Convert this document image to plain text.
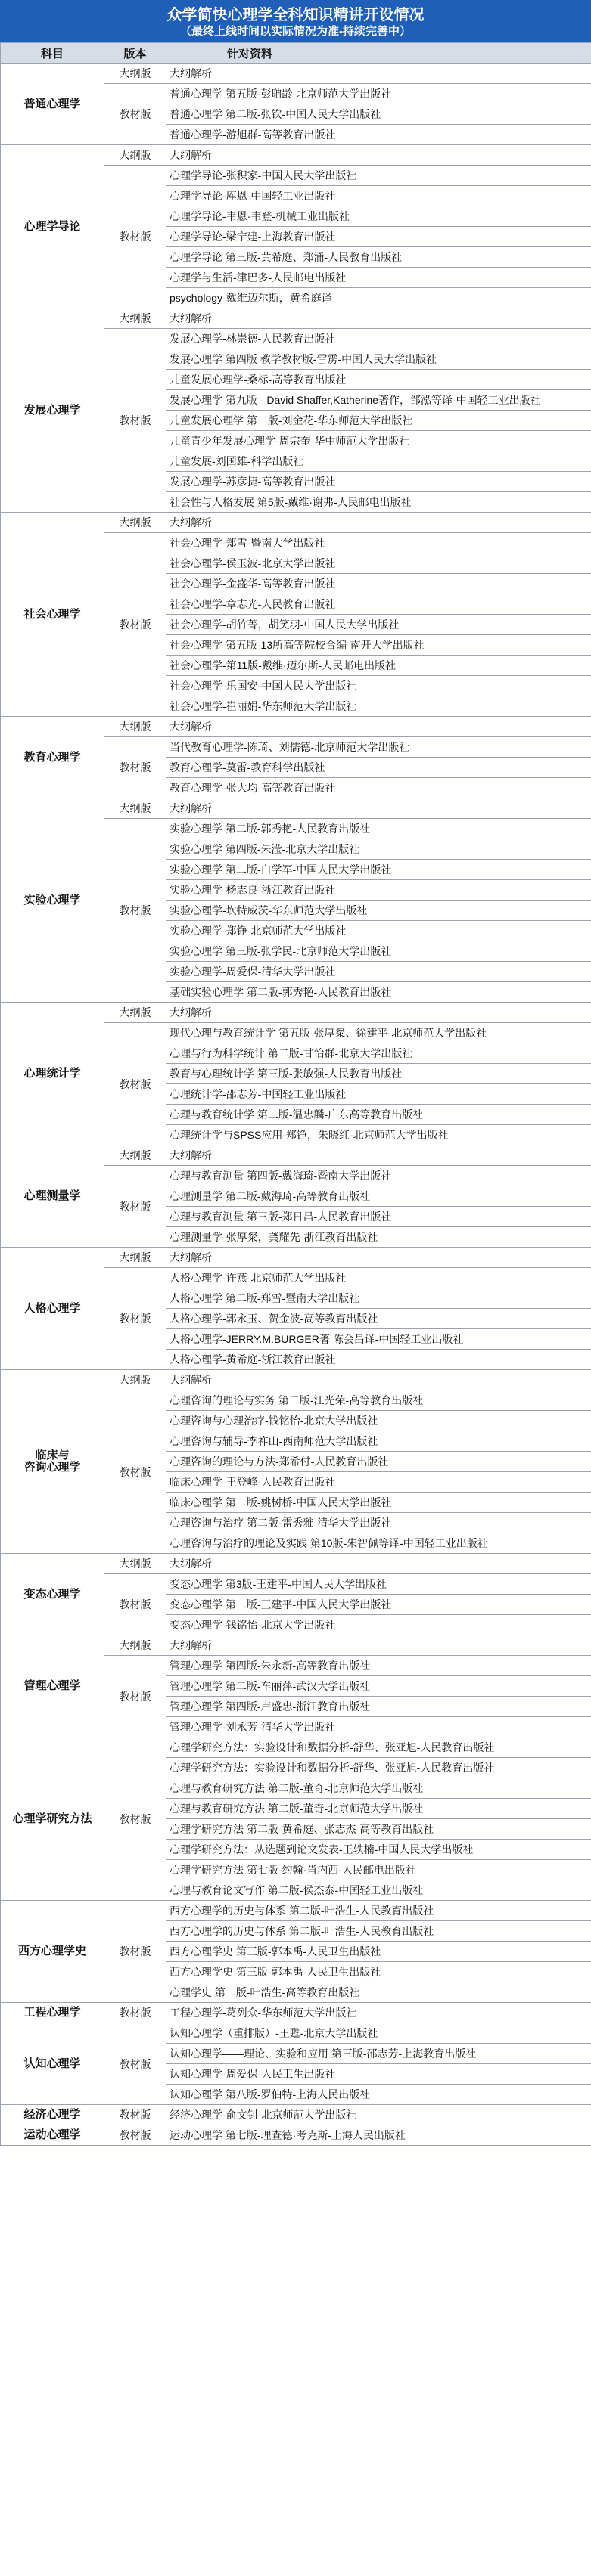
众学简快心理学全科知识精讲开设情况
（最终上线时间以实际情况为准-持续完善中）
科目	版本	针对资料
普通心理学	大纲版	大纲解析
	教材版	普通心理学 第五版-彭聃龄-北京师范大学出版社
		普通心理学 第二版-张钦-中国人民大学出版社
		普通心理学-游旭群-高等教育出版社
心理学导论	大纲版	大纲解析
	教材版	心理学导论-张积家-中国人民大学出版社
		心理学导论-库恩-中国轻工业出版社
		心理学导论-韦恩·韦登-机械工业出版社
		心理学导论-梁宁建-上海教育出版社
		心理学导论 第三版-黄希庭、郑涌-人民教育出版社
		心理学与生活-津巴多-人民邮电出版社
		psychology-戴维迈尔斯，黄希庭译
发展心理学	大纲版	大纲解析
	教材版	发展心理学-林崇德-人民教育出版社
		发展心理学 第四版 教学教材版-雷雳-中国人民大学出版社
		儿童发展心理学-桑标-高等教育出版社
		发展心理学 第九版 - David Shaffer,Katherine著作，邹泓等译-中国轻工业出版社
		儿童发展心理学 第二版-刘金花-华东师范大学出版社
		儿童青少年发展心理学-周宗奎-华中师范大学出版社
		儿童发展-刘国雄-科学出版社
		发展心理学-苏彦捷-高等教育出版社
		社会性与人格发展 第5版-戴维·谢弗-人民邮电出版社
社会心理学	大纲版	大纲解析
	教材版	社会心理学-郑雪-暨南大学出版社
		社会心理学-侯玉波-北京大学出版社
		社会心理学-金盛华-高等教育出版社
		社会心理学-章志光-人民教育出版社
		社会心理学-胡竹菁，胡笑羽-中国人民大学出版社
		社会心理学 第五版-13所高等院校合编-南开大学出版社
		社会心理学-第11版-戴维·迈尔斯-人民邮电出版社
		社会心理学-乐国安-中国人民大学出版社
		社会心理学-崔丽娟-华东师范大学出版社
教育心理学	大纲版	大纲解析
	教材版	当代教育心理学-陈琦、刘儒德-北京师范大学出版社
		教育心理学-莫雷-教育科学出版社
		教育心理学-张大均-高等教育出版社
实验心理学	大纲版	大纲解析
	教材版	实验心理学 第二版-郭秀艳-人民教育出版社
		实验心理学 第四版-朱滢-北京大学出版社
		实验心理学 第二版-白学军-中国人民大学出版社
		实验心理学-杨志良-浙江教育出版社
		实验心理学-坎特威茨-华东师范大学出版社
		实验心理学-郑铮-北京师范大学出版社
		实验心理学 第三版-张学民-北京师范大学出版社
		实验心理学-周爱保-清华大学出版社
		基础实验心理学 第二版-郭秀艳-人民教育出版社
心理统计学	大纲版	大纲解析
	教材版	现代心理与教育统计学 第五版-张厚粲、徐建平-北京师范大学出版社
		心理与行为科学统计 第二版-甘怡群-北京大学出版社
		教育与心理统计学 第三版-张敏强-人民教育出版社
		心理统计学-邵志芳-中国轻工业出版社
		心理与教育统计学 第二版-温忠麟-广东高等教育出版社
		心理统计学与SPSS应用-郑铮，朱晓红-北京师范大学出版社
心理测量学	大纲版	大纲解析
	教材版	心理与教育测量 第四版-戴海琦-暨南大学出版社
		心理测量学 第二版-戴海琦-高等教育出版社
		心理与教育测量 第三版-郑日昌-人民教育出版社
		心理测量学-张厚粲，龚耀先-浙江教育出版社
人格心理学	大纲版	大纲解析
	教材版	人格心理学-许燕-北京师范大学出版社
		人格心理学 第二版-郑雪-暨南大学出版社
		人格心理学-郭永玉、贺金波-高等教育出版社
		人格心理学-JERRY.M.BURGER著 陈会昌译-中国轻工业出版社
		人格心理学-黄希庭-浙江教育出版社
临床与
咨询心理学	大纲版	大纲解析
	教材版	心理咨询的理论与实务 第二版-江光荣-高等教育出版社
		心理咨询与心理治疗-钱铭怡-北京大学出版社
		心理咨询与辅导-李祚山-西南师范大学出版社
		心理咨询的理论与方法-郑希付-人民教育出版社
		临床心理学-王登峰-人民教育出版社
		临床心理学 第二版-姚树桥-中国人民大学出版社
		心理咨询与治疗 第二版-雷秀雅-清华大学出版社
		心理咨询与治疗的理论及实践 第10版-朱智佩等译-中国轻工业出版社
变态心理学	大纲版	大纲解析
	教材版	变态心理学 第3版-王建平-中国人民大学出版社
		变态心理学 第二版-王建平-中国人民大学出版社
		变态心理学-钱铭怡-北京大学出版社
管理心理学	大纲版	大纲解析
	教材版	管理心理学 第四版-朱永新-高等教育出版社
		管理心理学 第二版-车丽萍-武汉大学出版社
		管理心理学 第四版-卢盛忠-浙江教育出版社
		管理心理学-刘永芳-清华大学出版社
心理学研究方法	教材版	心理学研究方法：实验设计和数据分析-舒华、张亚旭-人民教育出版社
		心理学研究方法：实验设计和数据分析-舒华、张亚旭-人民教育出版社
		心理与教育研究方法 第二版-董奇-北京师范大学出版社
		心理与教育研究方法 第二版-董奇-北京师范大学出版社
		心理学研究方法 第二版-黄希庭、张志杰-高等教育出版社
		心理学研究方法：从选题到论文发表-王轶楠-中国人民大学出版社
		心理学研究方法 第七版-约翰·肖内西-人民邮电出版社
		心理与教育论文写作 第二版-侯杰泰-中国轻工业出版社
西方心理学史	教材版	西方心理学的历史与体系 第二版-叶浩生-人民教育出版社
		西方心理学的历史与体系 第二版-叶浩生-人民教育出版社
		西方心理学史 第三版-郭本禹-人民卫生出版社
		西方心理学史 第三版-郭本禹-人民卫生出版社
		心理学史 第二版-叶浩生-高等教育出版社
工程心理学	教材版	工程心理学-葛列众-华东师范大学出版社
认知心理学	教材版	认知心理学（重排版）-王甦-北京大学出版社
		认知心理学——理论、实验和应用 第三版-邵志芳-上海教育出版社
		认知心理学-周爱保-人民卫生出版社
		认知心理学 第八版-罗伯特-上海人民出版社
经济心理学	教材版	经济心理学-俞文钊-北京师范大学出版社
运动心理学	教材版	运动心理学 第七版-理查德·考克斯-上海人民出版社
